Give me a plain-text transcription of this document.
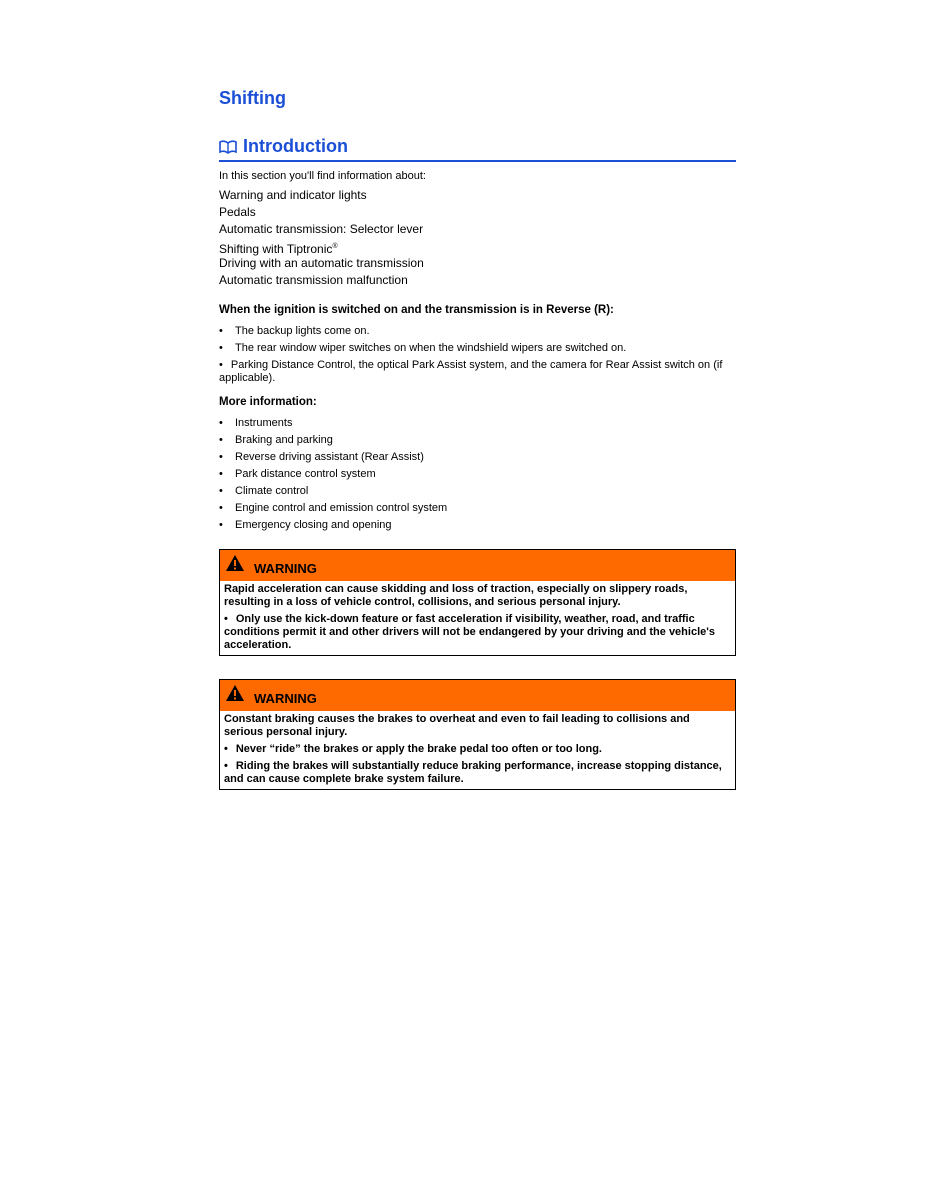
Shifting
Introduction
In this section you'll find information about:
Warning and indicator lights
Pedals
Automatic transmission: Selector lever
Shifting with Tiptronic®
Driving with an automatic transmission
Automatic transmission malfunction
When the ignition is switched on and the transmission is in Reverse (R):
• The backup lights come on.
• The rear window wiper switches on when the windshield wipers are switched on.
• Parking Distance Control, the optical Park Assist system, and the camera for Rear Assist switch on (if applicable).
More information:
• Instruments
• Braking and parking
• Reverse driving assistant (Rear Assist)
• Park distance control system
• Climate control
• Engine control and emission control system
• Emergency closing and opening
WARNING

Rapid acceleration can cause skidding and loss of traction, especially on slippery roads, resulting in a loss of vehicle control, collisions, and serious personal injury.

• Only use the kick-down feature or fast acceleration if visibility, weather, road, and traffic conditions permit it and other drivers will not be endangered by your driving and the vehicle's acceleration.

WARNING

Constant braking causes the brakes to overheat and even to fail leading to collisions and serious personal injury.

• Never “ride” the brakes or apply the brake pedal too often or too long.

• Riding the brakes will substantially reduce braking performance, increase stopping distance, and can cause complete brake system failure.
